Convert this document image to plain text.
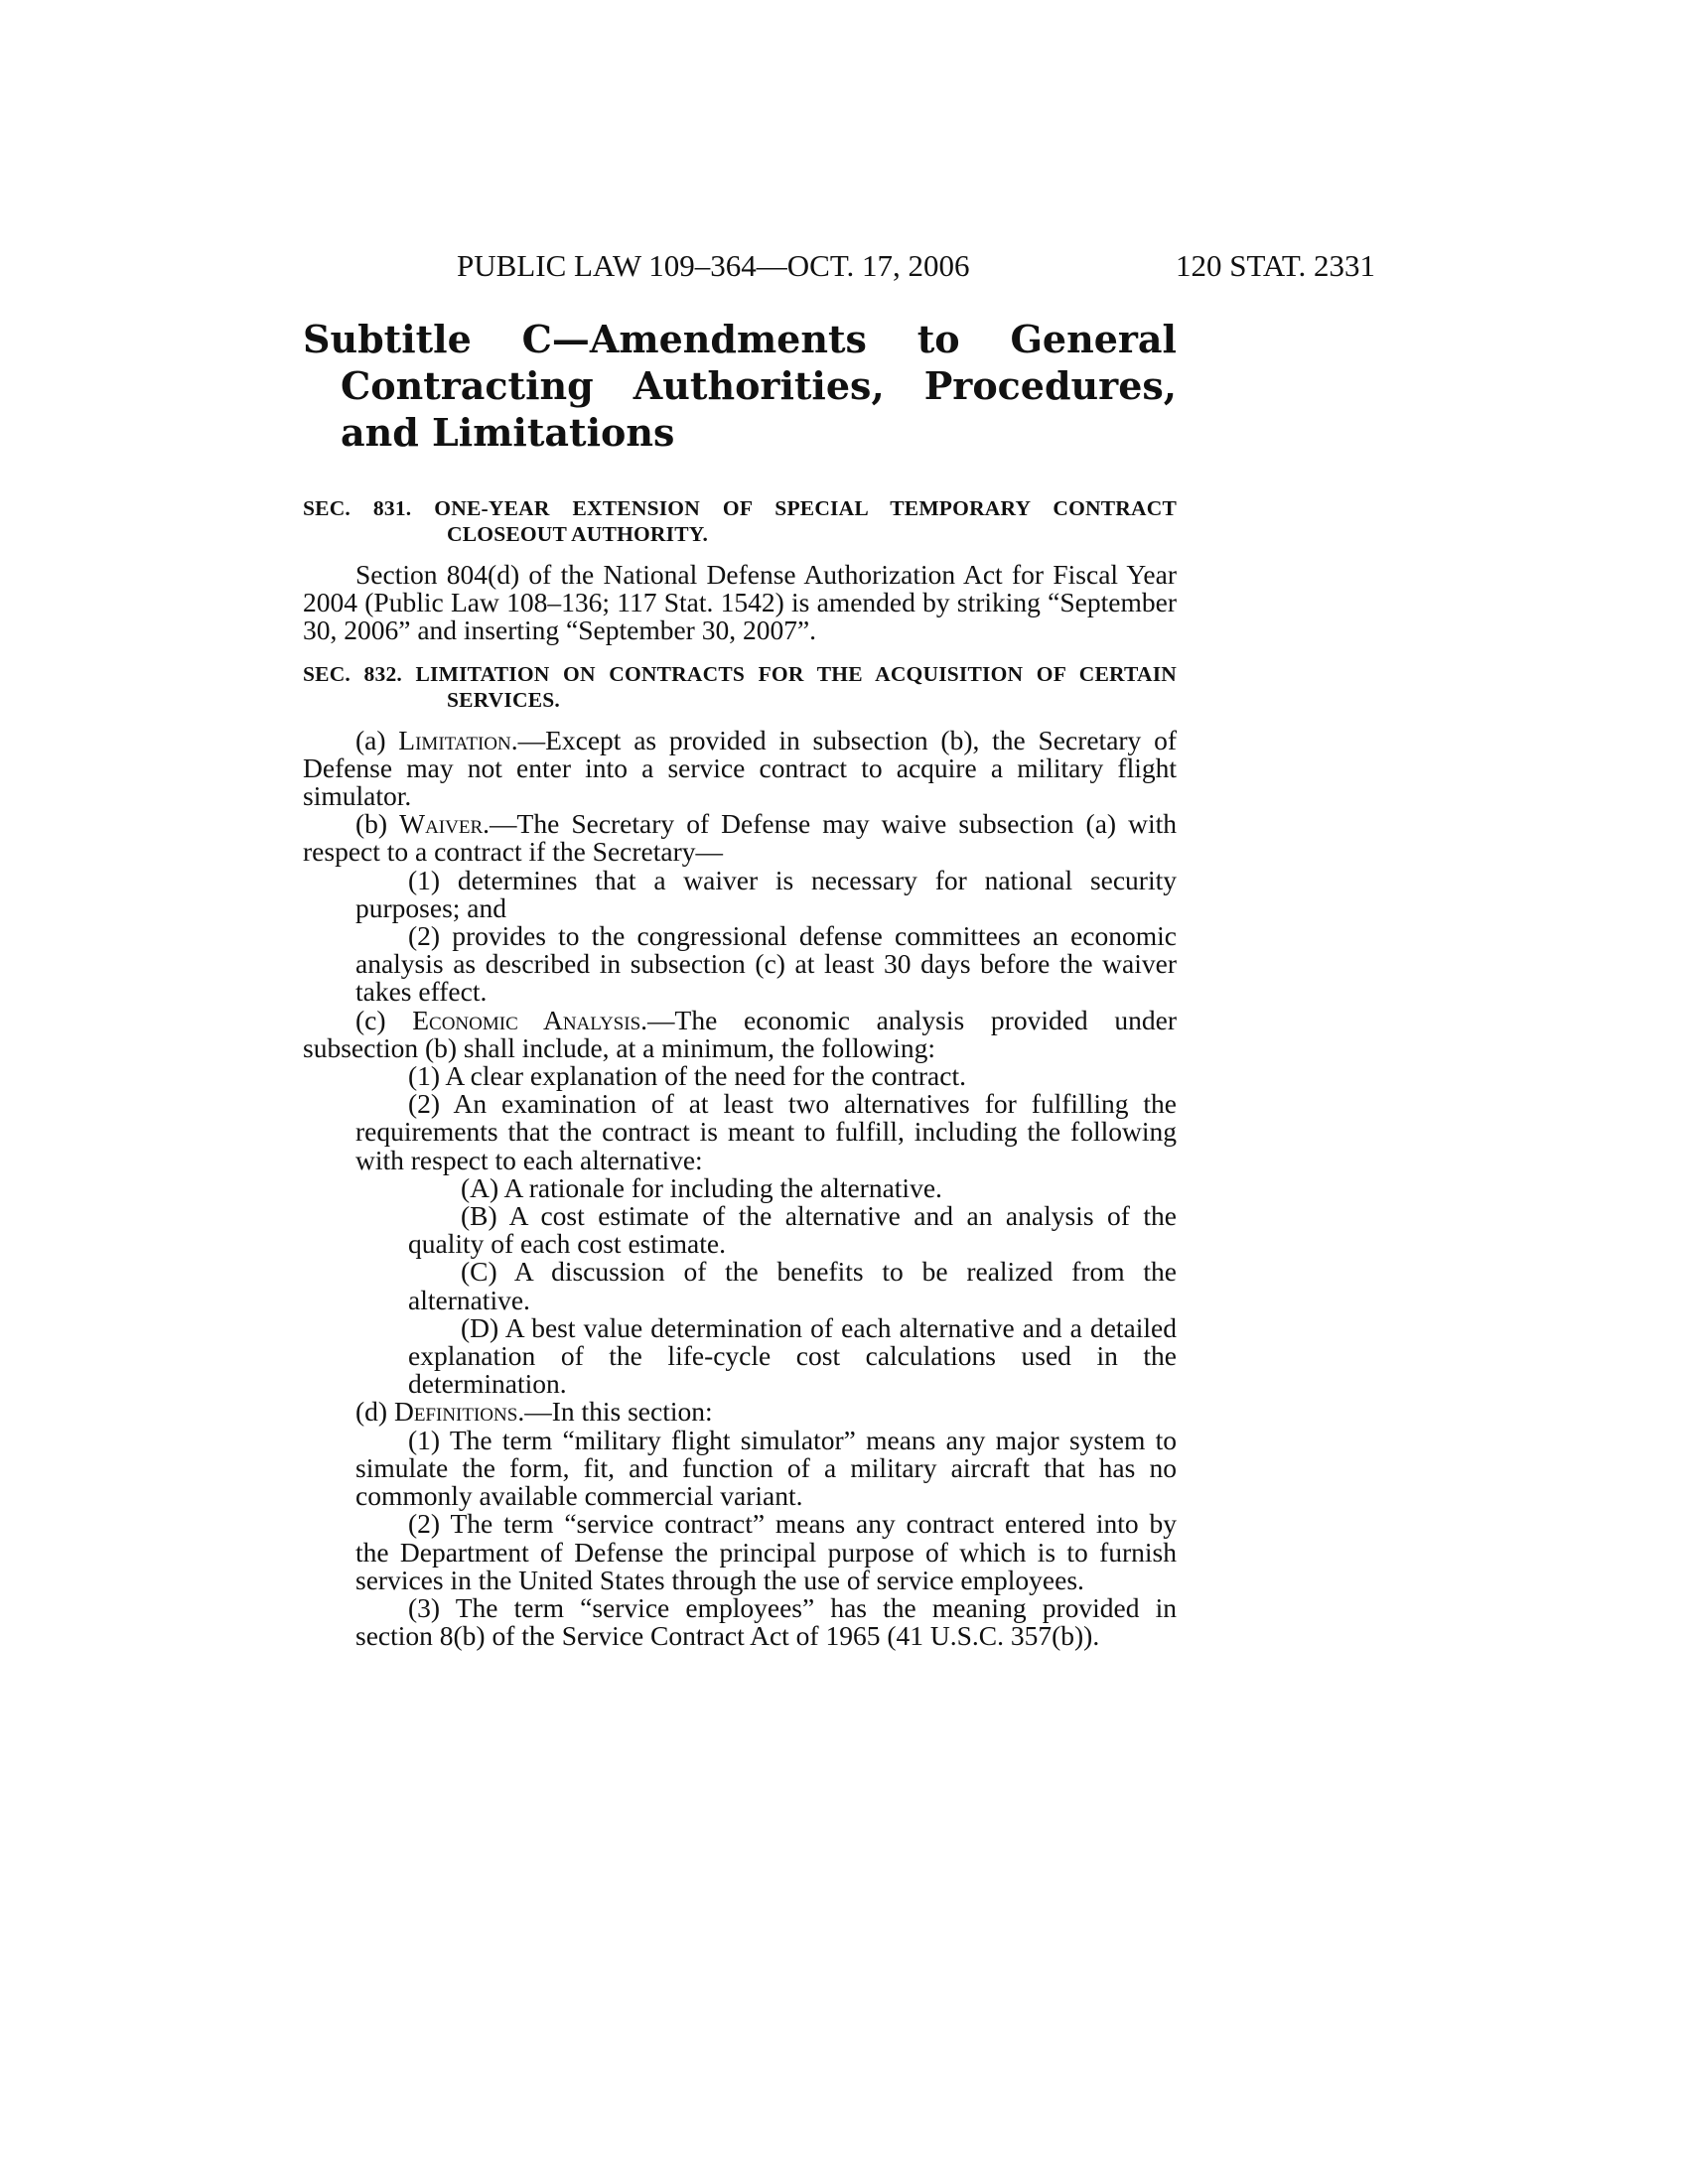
PUBLIC LAW 109–364—OCT. 17, 2006	120 STAT. 2331
Subtitle C—Amendments to General Contracting Authorities, Procedures, and Limitations
SEC. 831. ONE-YEAR EXTENSION OF SPECIAL TEMPORARY CONTRACT CLOSEOUT AUTHORITY.

Section 804(d) of the National Defense Authorization Act for Fiscal Year 2004 (Public Law 108–136; 117 Stat. 1542) is amended by striking “September 30, 2006” and inserting “September 30, 2007”.

SEC. 832. LIMITATION ON CONTRACTS FOR THE ACQUISITION OF CERTAIN SERVICES.

(a) Limitation.—Except as provided in subsection (b), the Secretary of Defense may not enter into a service contract to acquire a military flight simulator.

(b) Waiver.—The Secretary of Defense may waive subsection (a) with respect to a contract if the Secretary—

(1) determines that a waiver is necessary for national security purposes; and

(2) provides to the congressional defense committees an economic analysis as described in subsection (c) at least 30 days before the waiver takes effect.

(c) Economic Analysis.—The economic analysis provided under subsection (b) shall include, at a minimum, the following:

(1) A clear explanation of the need for the contract.

(2) An examination of at least two alternatives for fulfilling the requirements that the contract is meant to fulfill, including the following with respect to each alternative:

(A) A rationale for including the alternative.

(B) A cost estimate of the alternative and an analysis of the quality of each cost estimate.

(C) A discussion of the benefits to be realized from the alternative.

(D) A best value determination of each alternative and a detailed explanation of the life-cycle cost calculations used in the determination.

(d) Definitions.—In this section:

(1) The term “military flight simulator” means any major system to simulate the form, fit, and function of a military aircraft that has no commonly available commercial variant.

(2) The term “service contract” means any contract entered into by the Department of Defense the principal purpose of which is to furnish services in the United States through the use of service employees.

(3) The term “service employees” has the meaning provided in section 8(b) of the Service Contract Act of 1965 (41 U.S.C. 357(b)).
